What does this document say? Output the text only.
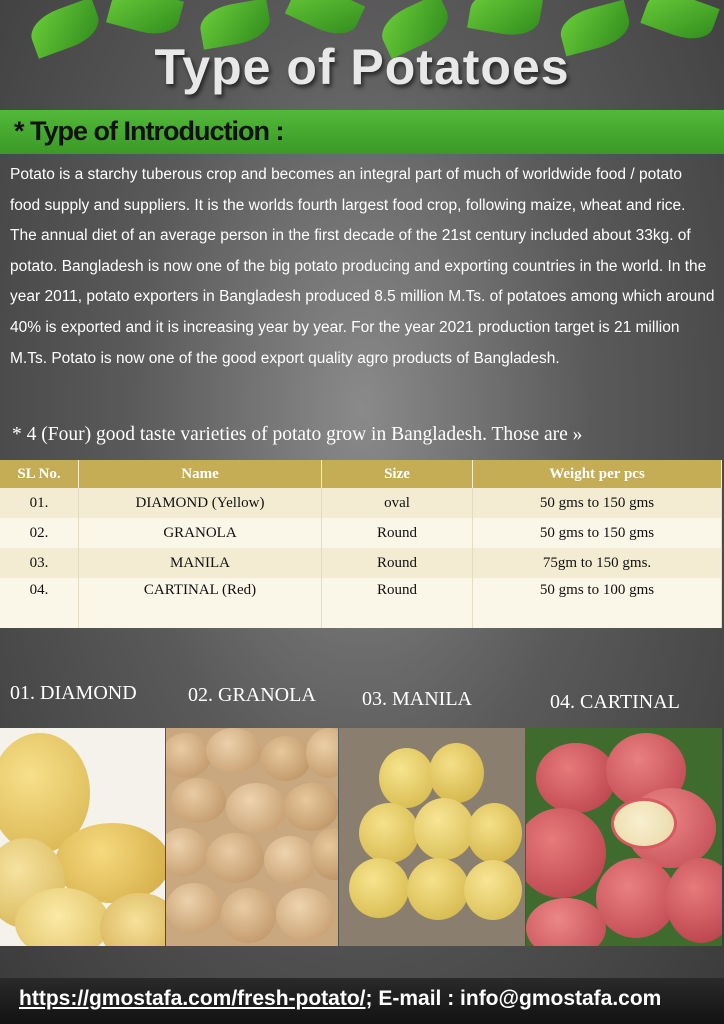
Type of Potatoes
* Type of Introduction :
Potato is a starchy tuberous crop and becomes an integral part of much of worldwide food / potato food supply and suppliers. It is the worlds fourth largest food crop, following maize, wheat and rice. The annual diet of an average person in the first decade of the 21st century included about 33kg. of potato. Bangladesh is now one of the big potato producing and exporting countries in the world. In the year 2011, potato exporters in Bangladesh produced 8.5 million M.Ts. of potatoes among which around 40% is exported and it is increasing year by year. For the year 2021 production target is 21 million M.Ts. Potato is now one of the good export quality agro products of Bangladesh.
* 4 (Four) good taste varieties of potato grow in Bangladesh. Those are »
SL No.	Name	Size	Weight per pcs
01.	DIAMOND (Yellow)	oval	50 gms to 150 gms
02.	GRANOLA	Round	50 gms to 150 gms
03.	MANILA	Round	75gm to 150 gms.
04.	CARTINAL (Red)	Round	50 gms to 100 gms
01. DIAMOND	02. GRANOLA 03. MANILA	04. CARTINAL
https://gmostafa.com/fresh-potato/; E-mail : info@gmostafa.com
